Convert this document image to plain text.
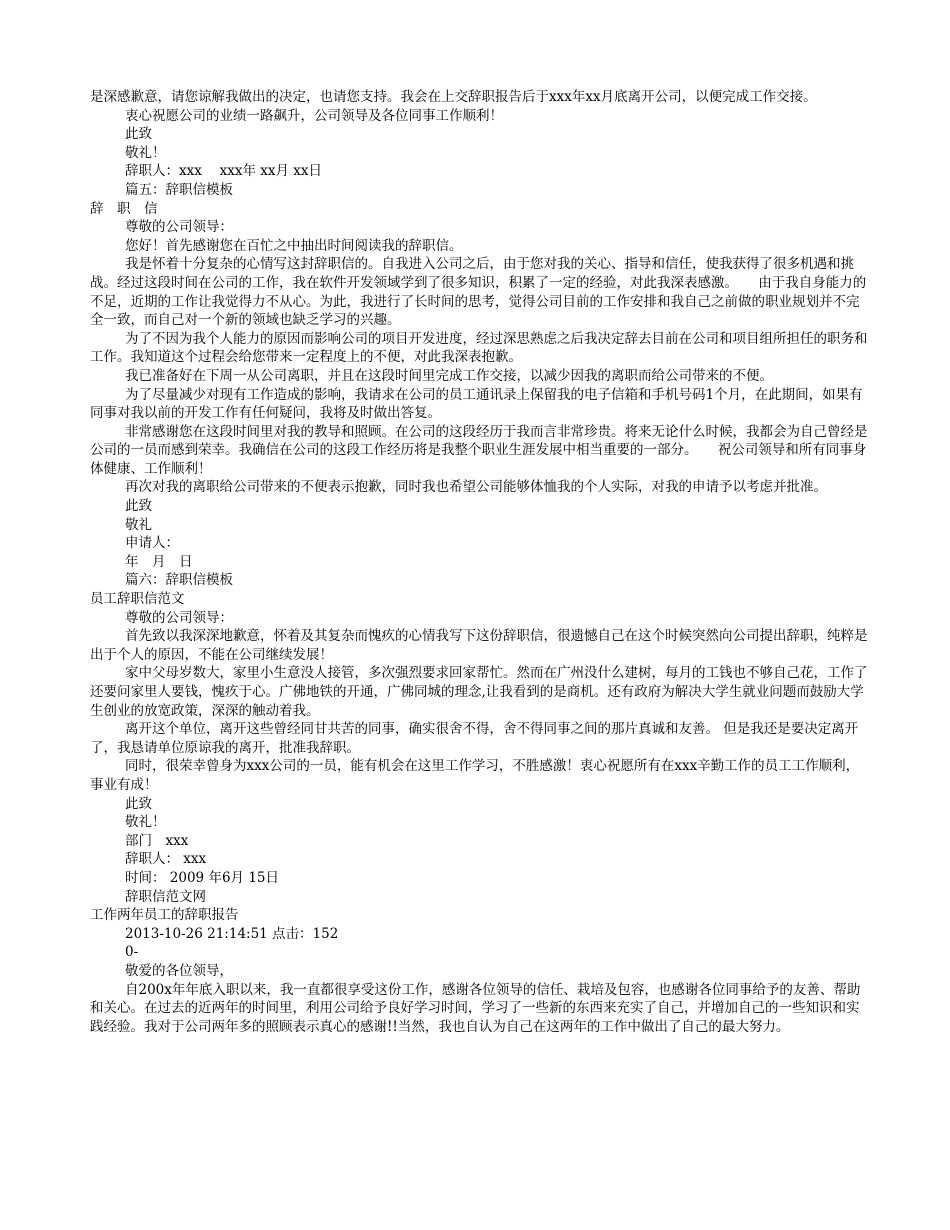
是深感歉意，请您谅解我做出的决定，也请您支持。我会在上交辞职报告后于xxx年xx月底离开公司，以便完成工作交接。
衷心祝愿公司的业绩一路飙升，公司领导及各位同事工作顺利！
此致
敬礼！
辞职人：xxx　 xxx年 xx月 xx日
篇五：辞职信模板
辞　职　信
尊敬的公司领导：
您好！首先感谢您在百忙之中抽出时间阅读我的辞职信。
我是怀着十分复杂的心情写这封辞职信的。自我进入公司之后，由于您对我的关心、指导和信任，使我获得了很多机遇和挑战。经过这段时间在公司的工作，我在软件开发领域学到了很多知识，积累了一定的经验，对此我深表感激。　　由于我自身能力的不足，近期的工作让我觉得力不从心。为此，我进行了长时间的思考，觉得公司目前的工作安排和我自己之前做的职业规划并不完全一致，而自己对一个新的领域也缺乏学习的兴趣。
为了不因为我个人能力的原因而影响公司的项目开发进度，经过深思熟虑之后我决定辞去目前在公司和项目组所担任的职务和工作。我知道这个过程会给您带来一定程度上的不便，对此我深表抱歉。
我已准备好在下周一从公司离职，并且在这段时间里完成工作交接，以减少因我的离职而给公司带来的不便。
为了尽量减少对现有工作造成的影响，我请求在公司的员工通讯录上保留我的电子信箱和手机号码1个月，在此期间，如果有同事对我以前的开发工作有任何疑问，我将及时做出答复。
非常感谢您在这段时间里对我的教导和照顾。在公司的这段经历于我而言非常珍贵。将来无论什么时候，我都会为自己曾经是公司的一员而感到荣幸。我确信在公司的这段工作经历将是我整个职业生涯发展中相当重要的一部分。　　祝公司领导和所有同事身体健康、工作顺利！
再次对我的离职给公司带来的不便表示抱歉，同时我也希望公司能够体恤我的个人实际，对我的申请予以考虑并批准。
此致
敬礼
申请人：
年　月　日
篇六：辞职信模板
员工辞职信范文
尊敬的公司领导：
首先致以我深深地歉意，怀着及其复杂而愧疚的心情我写下这份辞职信，很遗憾自己在这个时候突然向公司提出辞职，纯粹是出于个人的原因，不能在公司继续发展！
家中父母岁数大，家里小生意没人接管，多次强烈要求回家帮忙。然而在广州没什么建树，每月的工钱也不够自己花，工作了还要问家里人要钱，愧疚于心。广佛地铁的开通，广佛同城的理念,让我看到的是商机。还有政府为解决大学生就业问题而鼓励大学生创业的放宽政策，深深的触动着我。
离开这个单位，离开这些曾经同甘共苦的同事，确实很舍不得，舍不得同事之间的那片真诚和友善。 但是我还是要决定离开了，我恳请单位原谅我的离开，批准我辞职。
同时，很荣幸曾身为xxx公司的一员，能有机会在这里工作学习，不胜感激！衷心祝愿所有在xxx辛勤工作的员工工作顺利，事业有成！
此致
敬礼！
部门　xxx
辞职人： xxx
时间： 2009 年6月 15日
辞职信范文网
工作两年员工的辞职报告
2013-10-26 21:14:51 点击：152
0-
敬爱的各位领导，
自200x年年底入职以来，我一直都很享受这份工作，感谢各位领导的信任、栽培及包容，也感谢各位同事给予的友善、帮助和关心。在过去的近两年的时间里，利用公司给予良好学习时间，学习了一些新的东西来充实了自己，并增加自己的一些知识和实践经验。我对于公司两年多的照顾表示真心的感谢!!当然，我也自认为自己在这两年的工作中做出了自己的最大努力。
